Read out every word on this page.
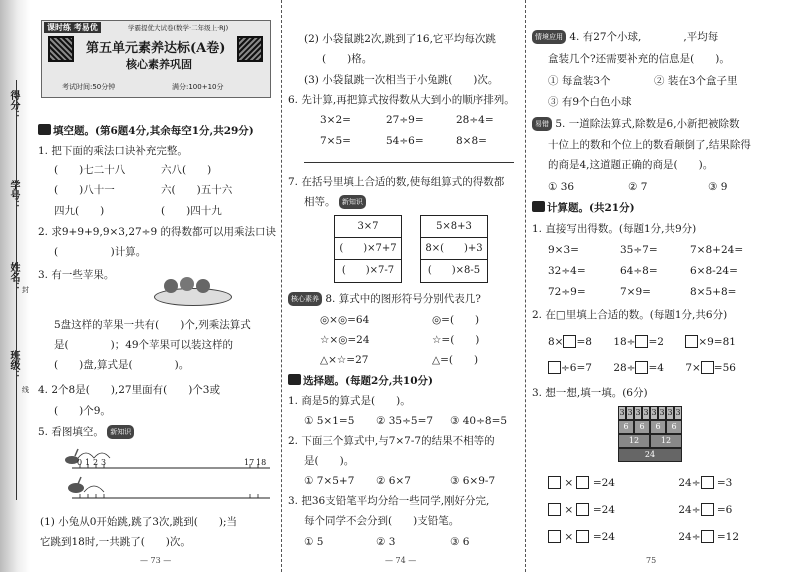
得分：
学号：
姓名：
班级：
封
线
课时练 考易优	学霸提优大试卷(数学·二年级上·RJ)
第五单元素养达标(A卷)
核心素养巩固
考试时间:50分钟	满分:100+10分
填空题。(第6题4分,其余每空1分,共29分)
1. 把下面的乘法口诀补充完整。
(　　)七二十八	六八(　　)
(　　)八十一	六(　　)五十六
四九(　　)	(　　)四十九
2. 求9+9+9,9×3,27÷9 的得数都可以用乘法口诀
(　　　　　)计算。
3. 有一些苹果。
5盘这样的苹果一共有(　　)个,列乘法算式
是(　　　　)；49个苹果可以装这样的
(　　)盘,算式是(　　　　)。
4. 2个8是(　　),27里面有(　　)个3或
(　　)个9。
5. 看图填空。 新知识
0 1 2 3	17 18
(1) 小兔从0开始跳,跳了3次,跳到(　　);当
它跳到18时,一共跳了(　　)次。
— 73 —
(2) 小袋鼠跳2次,跳到了16,它平均每次跳
(　　)格。
(3) 小袋鼠跳一次相当于小兔跳(　　)次。
6. 先计算,再把算式按得数从大到小的顺序排列。
3×2=	27÷9=	28÷4=
7×5=	54÷6=	8×8=
7. 在括号里填上合适的数,使每组算式的得数都
相等。 新知识
3×7
(　　)×7+7
(　　)×7-7
5×8+3
8×(　　)+3
(　　)×8-5
核心素养 8. 算式中的图形符号分别代表几?
◎×◎=64	◎=(　　)
☆×◎=24	☆=(　　)
△×☆=27	△=(　　)
选择题。(每题2分,共10分)
1. 商是5的算式是(　　)。
① 5×1=5 ② 35÷5=7 ③ 40÷8=5
2. 下面三个算式中,与7×7-7的结果不相等的
是(　　)。
① 7×5+7 ② 6×7	③ 6×9-7
3. 把36支铅笔平均分给一些同学,刚好分完,
每个同学不会分到(　　)支铅笔。
① 5	② 3	③ 6
— 74 —
情境应用 4. 有27个小球,　　　　,平均每
盒装几个?还需要补充的信息是(　　)。
① 每盒装3个	② 装在3个盒子里
③ 有9个白色小球
易错 5. 一道除法算式,除数是6,小新把被除数
十位上的数和个位上的数看颠倒了,结果除得
的商是4,这道题正确的商是(　　)。
① 36	② 7	③ 9
计算题。(共21分)
1. 直接写出得数。(每题1分,共9分)
9×3=	35÷7=	7×8+24=
32÷4=	64÷8=	6×8-24=
72÷9=	7×9=	8×5+8=
2. 在□里填上合适的数。(每题1分,共6分)
8× =8 18÷ =2	×9=81
÷6=7 28÷ =4 7× =56
3. 想一想,填一填。(6分)
3 3 3 3 3 3 3 3
6	6	6	6
12	12
24
×  =24	24÷ =3
×  =24	24÷ =6
×  =24	24÷ =12
75
